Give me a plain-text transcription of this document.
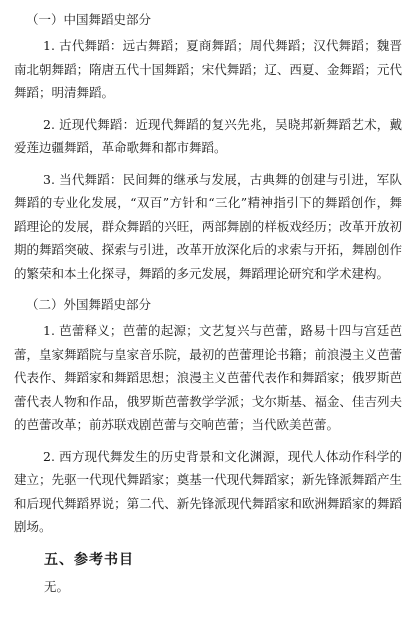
（一）中国舞蹈史部分

1. 古代舞蹈：远古舞蹈；夏商舞蹈；周代舞蹈；汉代舞蹈；魏晋南北朝舞蹈；隋唐五代十国舞蹈；宋代舞蹈；辽、西夏、金舞蹈；元代舞蹈；明清舞蹈。

2. 近现代舞蹈：近现代舞蹈的复兴先兆，吴晓邦新舞蹈艺术，戴爱莲边疆舞蹈，革命歌舞和都市舞蹈。

3. 当代舞蹈：民间舞的继承与发展，古典舞的创建与引进，军队舞蹈的专业化发展，“双百”方针和“三化”精神指引下的舞蹈创作，舞蹈理论的发展，群众舞蹈的兴旺，两部舞剧的样板戏经历；改革开放初期的舞蹈突破、探索与引进，改革开放深化后的求索与开拓，舞剧创作的繁荣和本土化探寻，舞蹈的多元发展，舞蹈理论研究和学术建构。

（二）外国舞蹈史部分

1. 芭蕾释义；芭蕾的起源；文艺复兴与芭蕾，路易十四与宫廷芭蕾，皇家舞蹈院与皇家音乐院，最初的芭蕾理论书籍；前浪漫主义芭蕾代表作、舞蹈家和舞蹈思想；浪漫主义芭蕾代表作和舞蹈家；俄罗斯芭蕾代表人物和作品，俄罗斯芭蕾教学学派；戈尔斯基、福金、佳吉列夫的芭蕾改革；前苏联戏剧芭蕾与交响芭蕾；当代欧美芭蕾。

2. 西方现代舞发生的历史背景和文化渊源，现代人体动作科学的建立；先驱一代现代舞蹈家；奠基一代现代舞蹈家；新先锋派舞蹈产生和后现代舞蹈界说；第二代、新先锋派现代舞蹈家和欧洲舞蹈家的舞蹈剧场。

五、参考书目

无。
